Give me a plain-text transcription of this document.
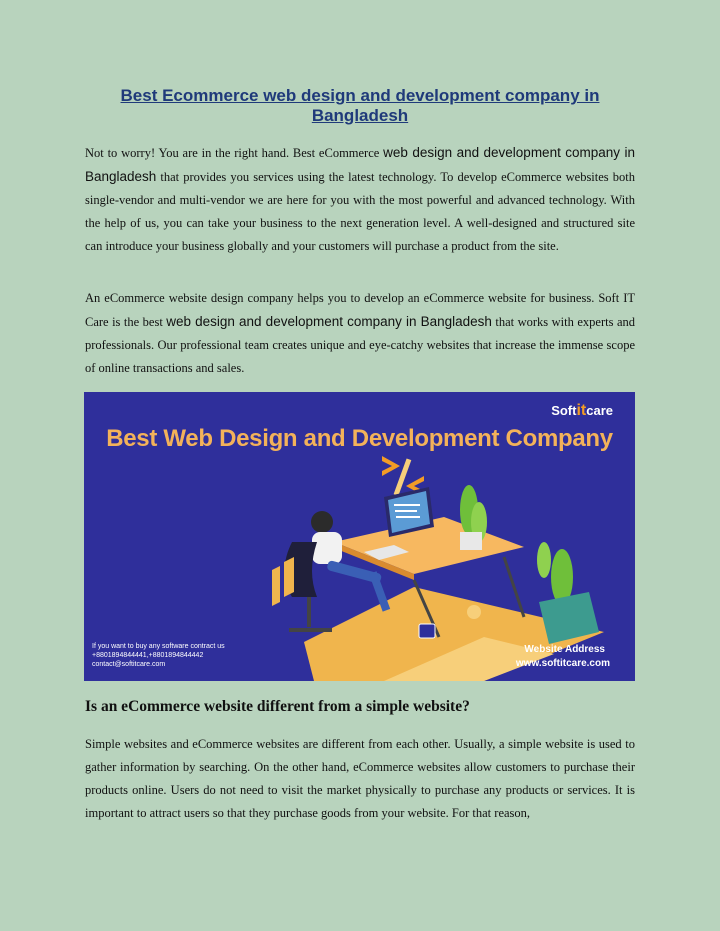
Best Ecommerce web design and development company in Bangladesh

Not to worry! You are in the right hand. Best eCommerce web design and development company in Bangladesh that provides you services using the latest technology. To develop eCommerce websites both single-vendor and multi-vendor we are here for you with the most powerful and advanced technology. With the help of us, you can take your business to the next generation level. A well-designed and structured site can introduce your business globally and your customers will purchase a product from the site.

An eCommerce website design company helps you to develop an eCommerce website for business. Soft IT Care is the best web design and development company in Bangladesh that works with experts and professionals. Our professional team creates unique and eye-catchy websites that increase the immense scope of online transactions and sales.

Softitcare
Best Web Design and Development Company
If you want to buy any software contract us
+8801894844441,+8801894844442
contact@softitcare.com
Website Address
www.softitcare.com
Is an eCommerce website different from a simple website?

Simple websites and eCommerce websites are different from each other. Usually, a simple website is used to gather information by searching. On the other hand, eCommerce websites allow customers to purchase their products online. Users do not need to visit the market physically to purchase any products or services. It is important to attract users so that they purchase goods from your website. For that reason,
